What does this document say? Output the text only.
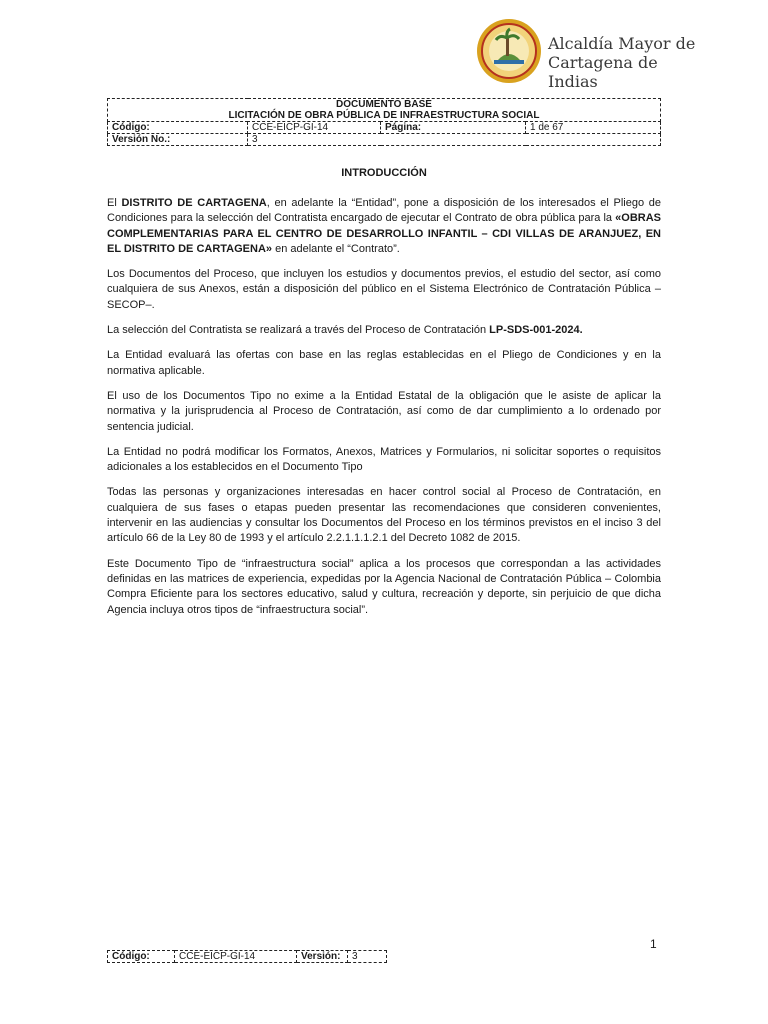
Alcaldía Mayor de
Cartagena de Indias
DOCUMENTO BASE
LICITACIÓN DE OBRA PÚBLICA DE INFRAESTRUCTURA SOCIAL			

Código:	CCE-EICP-GI-14	Página:	1 de 67
Versión No.:	3		
INTRODUCCIÓN

El DISTRITO DE CARTAGENA, en adelante la “Entidad”, pone a disposición de los interesados el Pliego de Condiciones para la selección del Contratista encargado de ejecutar el Contrato de obra pública para la «OBRAS COMPLEMENTARIAS PARA EL CENTRO DE DESARROLLO INFANTIL – CDI VILLAS DE ARANJUEZ, EN EL DISTRITO DE CARTAGENA» en adelante el “Contrato”.

Los Documentos del Proceso, que incluyen los estudios y documentos previos, el estudio del sector, así como cualquiera de sus Anexos, están a disposición del público en el Sistema Electrónico de Contratación Pública – SECOP–.

La selección del Contratista se realizará a través del Proceso de Contratación LP-SDS-001-2024.

La Entidad evaluará las ofertas con base en las reglas establecidas en el Pliego de Condiciones y en la normativa aplicable.

El uso de los Documentos Tipo no exime a la Entidad Estatal de la obligación que le asiste de aplicar la normativa y la jurisprudencia al Proceso de Contratación, así como de dar cumplimiento a lo ordenado por sentencia judicial.

La Entidad no podrá modificar los Formatos, Anexos, Matrices y Formularios, ni solicitar soportes o requisitos adicionales a los establecidos en el Documento Tipo

Todas las personas y organizaciones interesadas en hacer control social al Proceso de Contratación, en cualquiera de sus fases o etapas pueden presentar las recomendaciones que consideren convenientes, intervenir en las audiencias y consultar los Documentos del Proceso en los términos previstos en el inciso 3 del artículo 66 de la Ley 80 de 1993 y el artículo 2.2.1.1.1.2.1 del Decreto 1082 de 2015.

Este Documento Tipo de “infraestructura social” aplica a los procesos que correspondan a las actividades definidas en las matrices de experiencia, expedidas por la Agencia Nacional de Contratación Pública – Colombia Compra Eficiente para los sectores educativo, salud y cultura, recreación y deporte, sin perjuicio de que dicha Agencia incluya otros tipos de “infraestructura social”.

1
Código:	CCE-EICP-GI-14	Versión:	3
